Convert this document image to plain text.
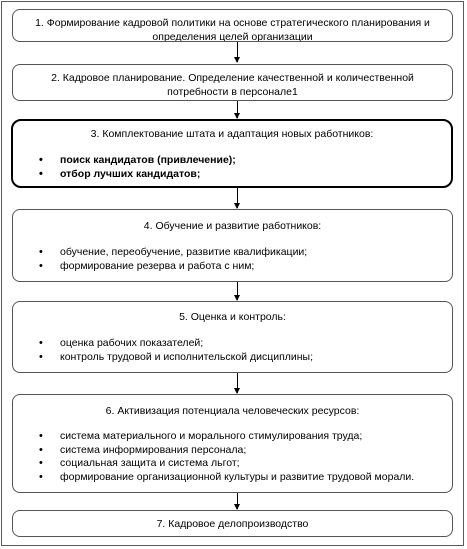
1. Формирование кадровой политики на основе стратегического планирования и определения целей организации

2. Кадровое планирование. Определение качественной и количественной потребности в персонале1

3. Комплектование штата и адаптация новых работников:

• поиск кандидатов (привлечение);
• отбор лучших кандидатов;

4. Обучение и развитие работников:

• обучение, переобучение, развитие квалификации;
• формирование резерва и работа с ним;

5. Оценка и контроль:

• оценка рабочих показателей;
• контроль трудовой и исполнительской дисциплины;

6. Активизация потенциала человеческих ресурсов:

• система материального и морального стимулирования труда;
• система информирования персонала;
• социальная защита и система льгот;
• формирование организационной культуры и развитие трудовой морали.

7. Кадровое делопроизводство
